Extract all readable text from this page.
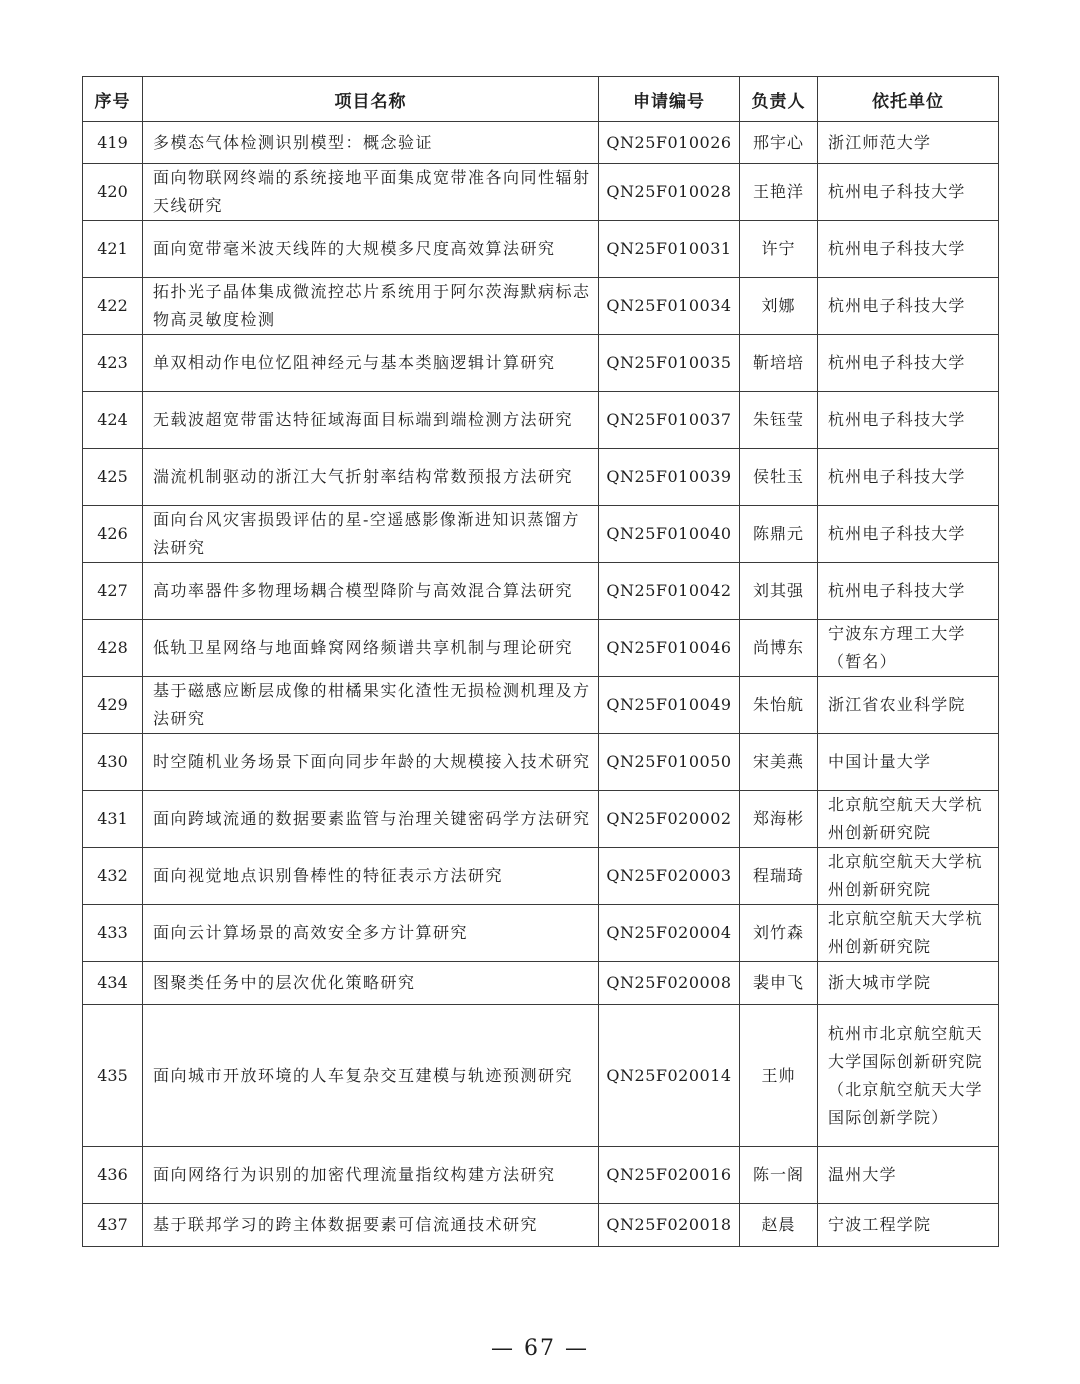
序号	项目名称	申请编号	负责人	依托单位
419	多模态气体检测识别模型：概念验证	QN25F010026	邢宇心	浙江师范大学
420	面向物联网终端的系统接地平面集成宽带准各向同性辐射天线研究	QN25F010028	王艳洋	杭州电子科技大学
421	面向宽带毫米波天线阵的大规模多尺度高效算法研究	QN25F010031	许宁	杭州电子科技大学
422	拓扑光子晶体集成微流控芯片系统用于阿尔茨海默病标志物高灵敏度检测	QN25F010034	刘娜	杭州电子科技大学
423	单双相动作电位忆阻神经元与基本类脑逻辑计算研究	QN25F010035	靳培培	杭州电子科技大学
424	无载波超宽带雷达特征域海面目标端到端检测方法研究	QN25F010037	朱钰莹	杭州电子科技大学
425	湍流机制驱动的浙江大气折射率结构常数预报方法研究	QN25F010039	侯牡玉	杭州电子科技大学
426	面向台风灾害损毁评估的星-空遥感影像渐进知识蒸馏方法研究	QN25F010040	陈鼎元	杭州电子科技大学
427	高功率器件多物理场耦合模型降阶与高效混合算法研究	QN25F010042	刘其强	杭州电子科技大学
428	低轨卫星网络与地面蜂窝网络频谱共享机制与理论研究	QN25F010046	尚博东	宁波东方理工大学（暂名）
429	基于磁感应断层成像的柑橘果实化渣性无损检测机理及方法研究	QN25F010049	朱怡航	浙江省农业科学院
430	时空随机业务场景下面向同步年龄的大规模接入技术研究	QN25F010050	宋美燕	中国计量大学
431	面向跨域流通的数据要素监管与治理关键密码学方法研究	QN25F020002	郑海彬	北京航空航天大学杭州创新研究院
432	面向视觉地点识别鲁棒性的特征表示方法研究	QN25F020003	程瑞琦	北京航空航天大学杭州创新研究院
433	面向云计算场景的高效安全多方计算研究	QN25F020004	刘竹森	北京航空航天大学杭州创新研究院
434	图聚类任务中的层次优化策略研究	QN25F020008	裴申飞	浙大城市学院
435	面向城市开放环境的人车复杂交互建模与轨迹预测研究	QN25F020014	王帅	杭州市北京航空航天大学国际创新研究院（北京航空航天大学国际创新学院）
436	面向网络行为识别的加密代理流量指纹构建方法研究	QN25F020016	陈一阁	温州大学
437	基于联邦学习的跨主体数据要素可信流通技术研究	QN25F020018	赵晨	宁波工程学院
— 67 —
